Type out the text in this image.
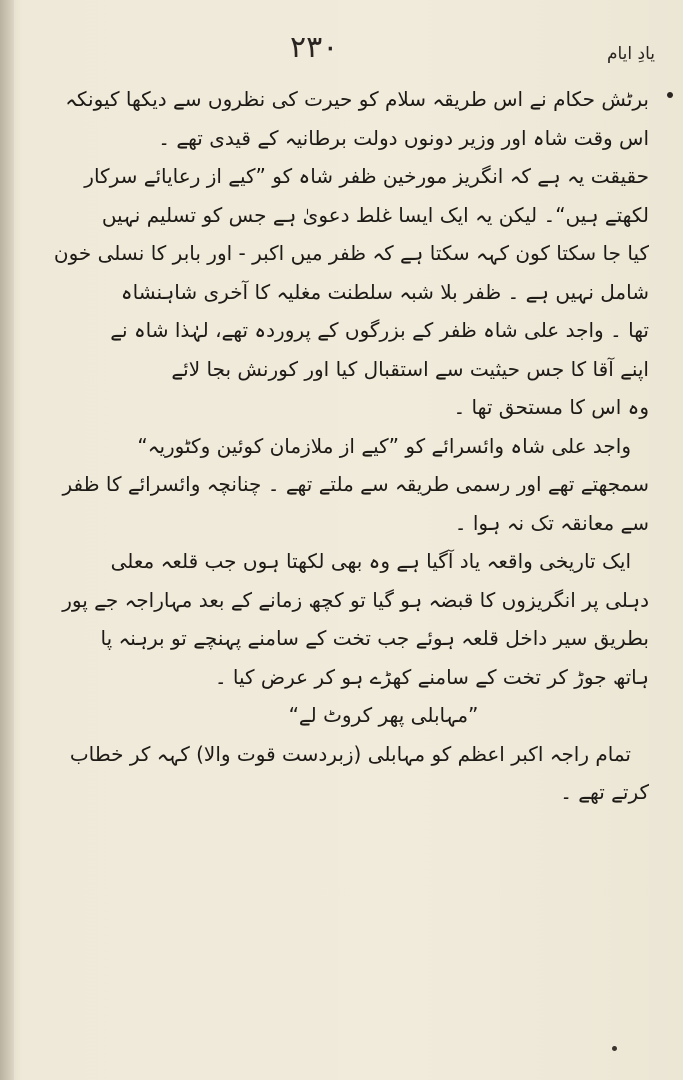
۲۳۰	یادِ ایام
برٹش حکام نے اس طریقہ سلام کو حیرت کی نظروں سے دیکھا کیونکہ
اس وقت شاہ اور وزیر دونوں دولت برطانیہ کے قیدی تھے ۔
حقیقت یہ ہے کہ انگریز مورخین ظفر شاہ کو ”کیے از رعایائے سرکار
لکھتے ہیں“۔ لیکن یہ ایک ایسا غلط دعویٰ ہے جس کو تسلیم نہیں
کیا جا سکتا کون کہہ سکتا ہے کہ ظفر میں اکبر - اور بابر کا نسلی خون
شامل نہیں ہے ۔ ظفر بلا شبہ سلطنت مغلیہ کا آخری شاہنشاہ
تھا ۔ واجد علی شاہ ظفر کے بزرگوں کے پروردہ تھے، لہٰذا شاہ نے
اپنے آقا کا جس حیثیت سے استقبال کیا اور کورنش بجا لائے
وہ اس کا مستحق تھا ۔
واجد علی شاہ وائسرائے کو ”کیے از ملازمان کوئین وکٹوریہ“
سمجھتے تھے اور رسمی طریقہ سے ملتے تھے ۔ چنانچہ وائسرائے کا ظفر
سے معانقہ تک نہ ہوا ۔
ایک تاریخی واقعہ یاد آگیا ہے وہ بھی لکھتا ہوں جب قلعہ معلی
دہلی پر انگریزوں کا قبضہ ہو گیا تو کچھ زمانے کے بعد مہاراجہ جے پور
بطریق سیر داخل قلعہ ہوئے جب تخت کے سامنے پہنچے تو برہنہ پا
ہاتھ جوڑ کر تخت کے سامنے کھڑے ہو کر عرض کیا ۔
”مہابلی پھر کروٹ لے“
تمام راجہ اکبر اعظم کو مہابلی (زبردست قوت والا) کہہ کر خطاب
کرتے تھے ۔
